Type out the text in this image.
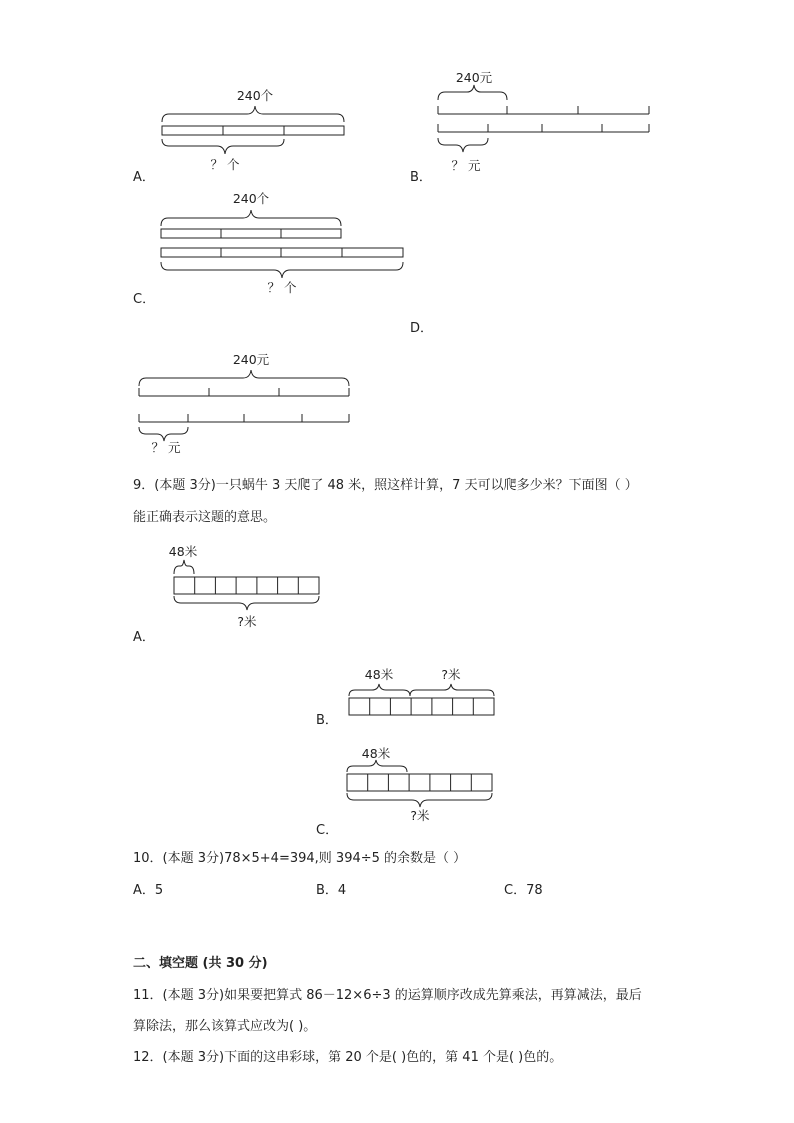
240个
？ 个
A．
240元
？ 元
B．
240个
？ 个
C．
D．
240元
？ 元
9．(本题 3分)一只蜗牛 3 天爬了 48 米，照这样计算，7 天可以爬多少米？下面图（ ）
能正确表示这题的意思。
48米
?米
A．
48米	?米
B．
48米
?米
C．
10．(本题 3分)78×5+4=394,则 394÷5 的余数是（ ）
A．5	B．4	C．78
二、填空题 (共 30 分)
11．(本题 3分)如果要把算式 86－12×6÷3 的运算顺序改成先算乘法，再算减法，最后
算除法，那么该算式应改为( )。
12．(本题 3分)下面的这串彩球，第 20 个是( )色的，第 41 个是( )色的。
